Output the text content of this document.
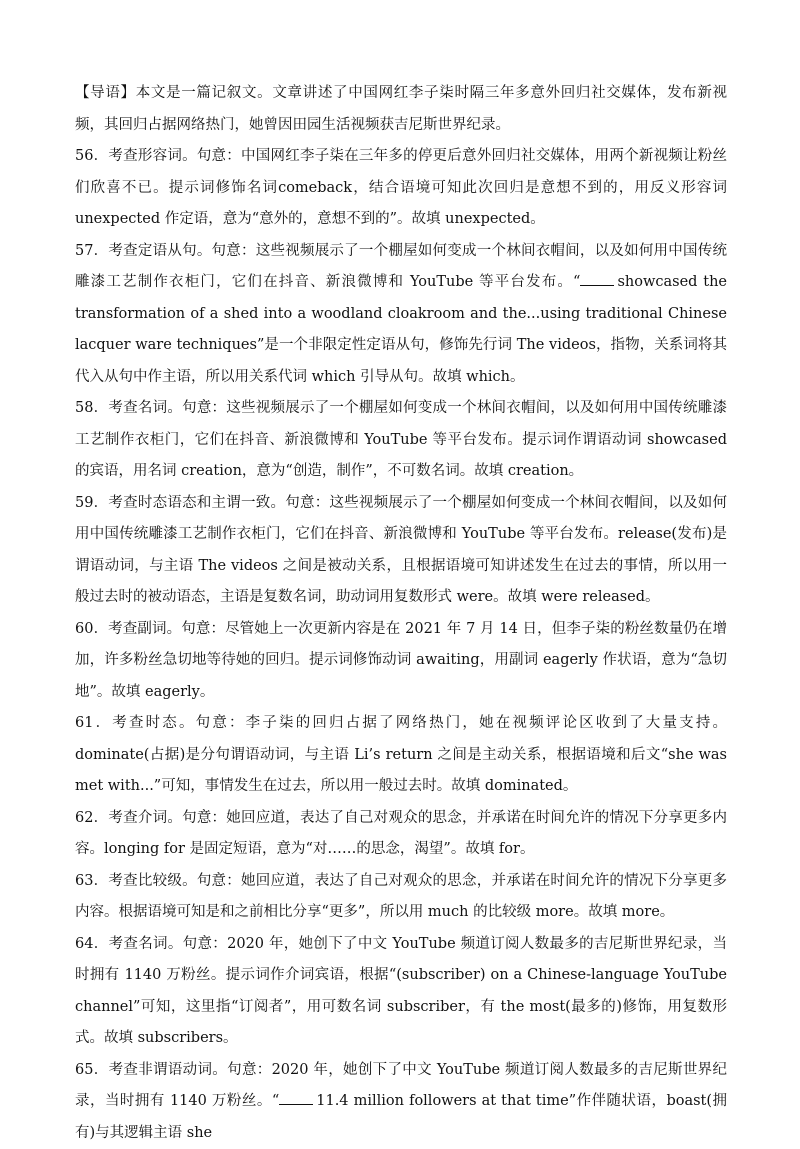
【导语】本文是一篇记叙文。文章讲述了中国网红李子柒时隔三年多意外回归社交媒体，发布新视频，其回归占据网络热门，她曾因田园生活视频获吉尼斯世界纪录。

56．考查形容词。句意：中国网红李子柒在三年多的停更后意外回归社交媒体，用两个新视频让粉丝们欣喜不已。提示词修饰名词comeback，结合语境可知此次回归是意想不到的，用反义形容词 unexpected 作定语，意为“意外的，意想不到的”。故填 unexpected。

57．考查定语从句。句意：这些视频展示了一个棚屋如何变成一个林间衣帽间，以及如何用中国传统雕漆工艺制作衣柜门，它们在抖音、新浪微博和 YouTube 等平台发布。“	showcased the transformation of a shed into a woodland cloakroom and the...using traditional Chinese lacquer ware techniques”是一个非限定性定语从句，修饰先行词 The videos，指物，关系词将其代入从句中作主语，所以用关系代词 which 引导从句。故填 which。

58．考查名词。句意：这些视频展示了一个棚屋如何变成一个林间衣帽间，以及如何用中国传统雕漆工艺制作衣柜门，它们在抖音、新浪微博和 YouTube 等平台发布。提示词作谓语动词 showcased 的宾语，用名词 creation，意为“创造，制作”，不可数名词。故填 creation。

59．考查时态语态和主谓一致。句意：这些视频展示了一个棚屋如何变成一个林间衣帽间，以及如何用中国传统雕漆工艺制作衣柜门，它们在抖音、新浪微博和 YouTube 等平台发布。release(发布)是谓语动词，与主语 The videos 之间是被动关系，且根据语境可知讲述发生在过去的事情，所以用一般过去时的被动语态，主语是复数名词，助动词用复数形式 were。故填 were released。

60．考查副词。句意：尽管她上一次更新内容是在 2021 年 7 月 14 日，但李子柒的粉丝数量仍在增加，许多粉丝急切地等待她的回归。提示词修饰动词 awaiting，用副词 eagerly 作状语，意为“急切地”。故填 eagerly。

61．考查时态。句意：李子柒的回归占据了网络热门，她在视频评论区收到了大量支持。dominate(占据)是分句谓语动词，与主语 Li’s return 之间是主动关系，根据语境和后文“she was met with...”可知，事情发生在过去，所以用一般过去时。故填 dominated。

62．考查介词。句意：她回应道，表达了自己对观众的思念，并承诺在时间允许的情况下分享更多内容。longing for 是固定短语，意为“对……的思念，渴望”。故填 for。

63．考查比较级。句意：她回应道，表达了自己对观众的思念，并承诺在时间允许的情况下分享更多内容。根据语境可知是和之前相比分享“更多”，所以用 much 的比较级 more。故填 more。

64．考查名词。句意：2020 年，她创下了中文 YouTube 频道订阅人数最多的吉尼斯世界纪录，当时拥有 1140 万粉丝。提示词作介词宾语，根据“(subscriber) on a Chinese-language YouTube channel”可知，这里指“订阅者”，用可数名词 subscriber，有 the most(最多的)修饰，用复数形式。故填 subscribers。

65．考查非谓语动词。句意：2020 年，她创下了中文 YouTube 频道订阅人数最多的吉尼斯世界纪录，当时拥有 1140 万粉丝。“	11.4 million followers at that time”作伴随状语，boast(拥有)与其逻辑主语 she
